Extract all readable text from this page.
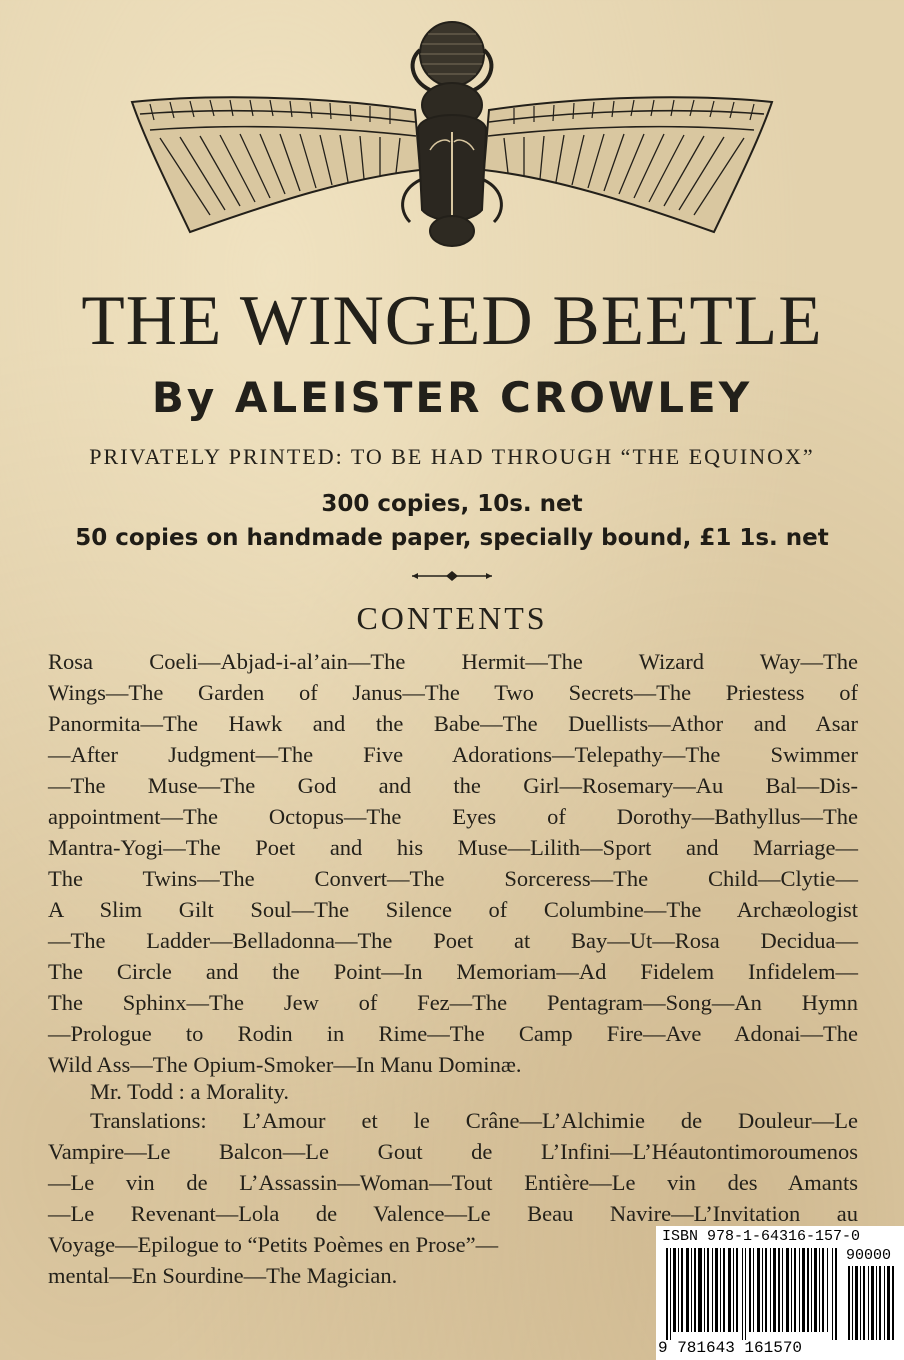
THE WINGED BEETLE
By ALEISTER CROWLEY
PRIVATELY PRINTED: TO BE HAD THROUGH “THE EQUINOX”
300 copies, 10s. net
50 copies on handmade paper, specially bound, £1 1s. net
CONTENTS
Rosa Coeli—Abjad-i-al’ain—The Hermit—The Wizard Way—The
Wings—The Garden of Janus—The Two Secrets—The Priestess of
Panormita—The Hawk and the Babe—The Duellists—Athor and Asar
—After Judgment—The Five Adorations—Telepathy—The Swimmer
—The Muse—The God and the Girl—Rosemary—Au Bal—Dis-
appointment—The Octopus—The Eyes of Dorothy—Bathyllus—The
Mantra-Yogi—The Poet and his Muse—Lilith—Sport and Marriage—
The Twins—The Convert—The Sorceress—The Child—Clytie—
A Slim Gilt Soul—The Silence of Columbine—The Archæologist
—The Ladder—Belladonna—The Poet at Bay—Ut—Rosa Decidua—
The Circle and the Point—In Memoriam—Ad Fidelem Infidelem—
The Sphinx—The Jew of Fez—The Pentagram—Song—An Hymn
—Prologue to Rodin in Rime—The Camp Fire—Ave Adonai—The
Wild Ass—The Opium-Smoker—In Manu Dominæ.
Mr. Todd : a Morality.
Translations: L’Amour et le Crâne—L’Alchimie de Douleur—Le
Vampire—Le Balcon—Le Gout de L’Infini—L’Héautontimoroumenos
—Le vin de L’Assassin—Woman—Tout Entière—Le vin des Amants
—Le Revenant—Lola de Valence—Le Beau Navire—L’Invitation au
Voyage—Epilogue to “Petits Poèmes en Prose”—
mental—En Sourdine—The Magician.
ISBN 978-1-64316-157-0
90000
9 781643 161570
